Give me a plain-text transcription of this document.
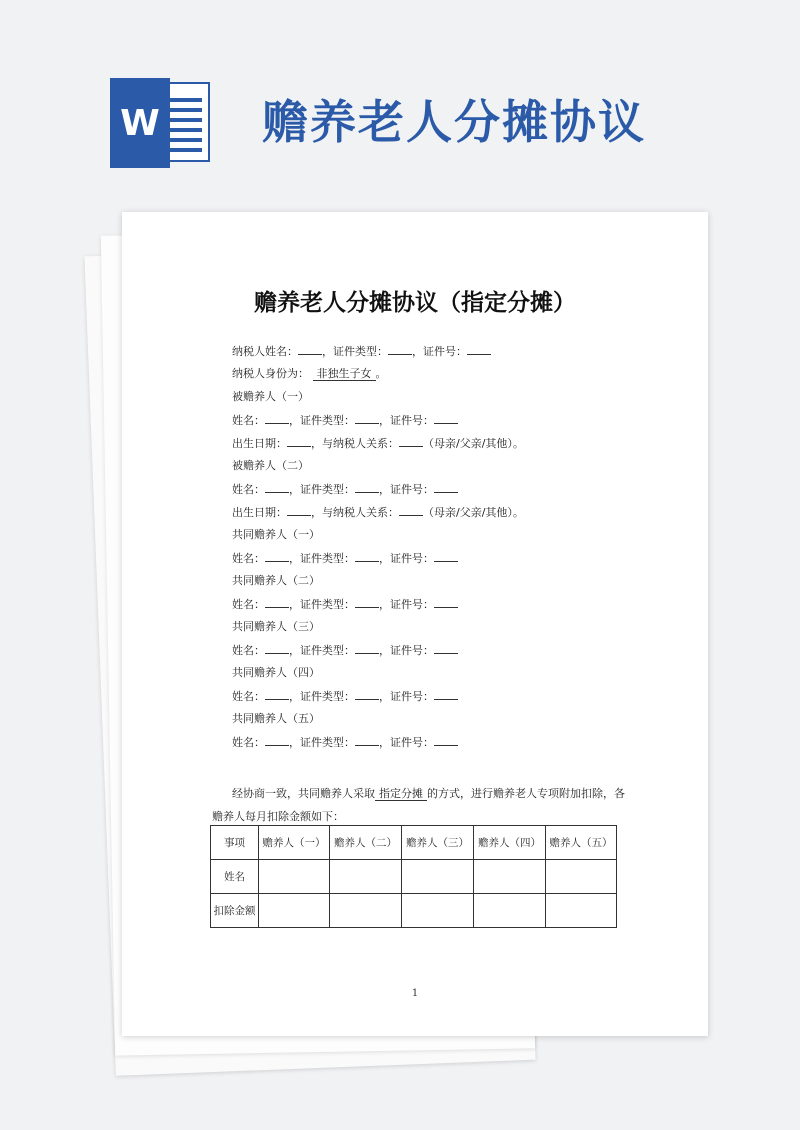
W 赡养老人分摊协议
赡养老人分摊协议（指定分摊）
纳税人姓名： ，证件类型： ，证件号：
纳税人身份为： 非独生子女 。
被赡养人（一）
姓名： ，证件类型： ，证件号：
出生日期： ，与纳税人关系： （母亲/父亲/其他）。
被赡养人（二）
姓名： ，证件类型： ，证件号：
出生日期： ，与纳税人关系： （母亲/父亲/其他）。
共同赡养人（一）
姓名： ，证件类型： ，证件号：
共同赡养人（二）
姓名： ，证件类型： ，证件号：
共同赡养人（三）
姓名： ，证件类型： ，证件号：
共同赡养人（四）
姓名： ，证件类型： ，证件号：
共同赡养人（五）
姓名： ，证件类型： ，证件号：
经协商一致，共同赡养人采取 指定分摊 的方式，进行赡养老人专项附加扣除，各赡养人每月扣除金额如下：
事项	赡养人（一）	赡养人（二）	赡养人（三）	赡养人（四）	赡养人（五）
姓名					
扣除金额					
1
